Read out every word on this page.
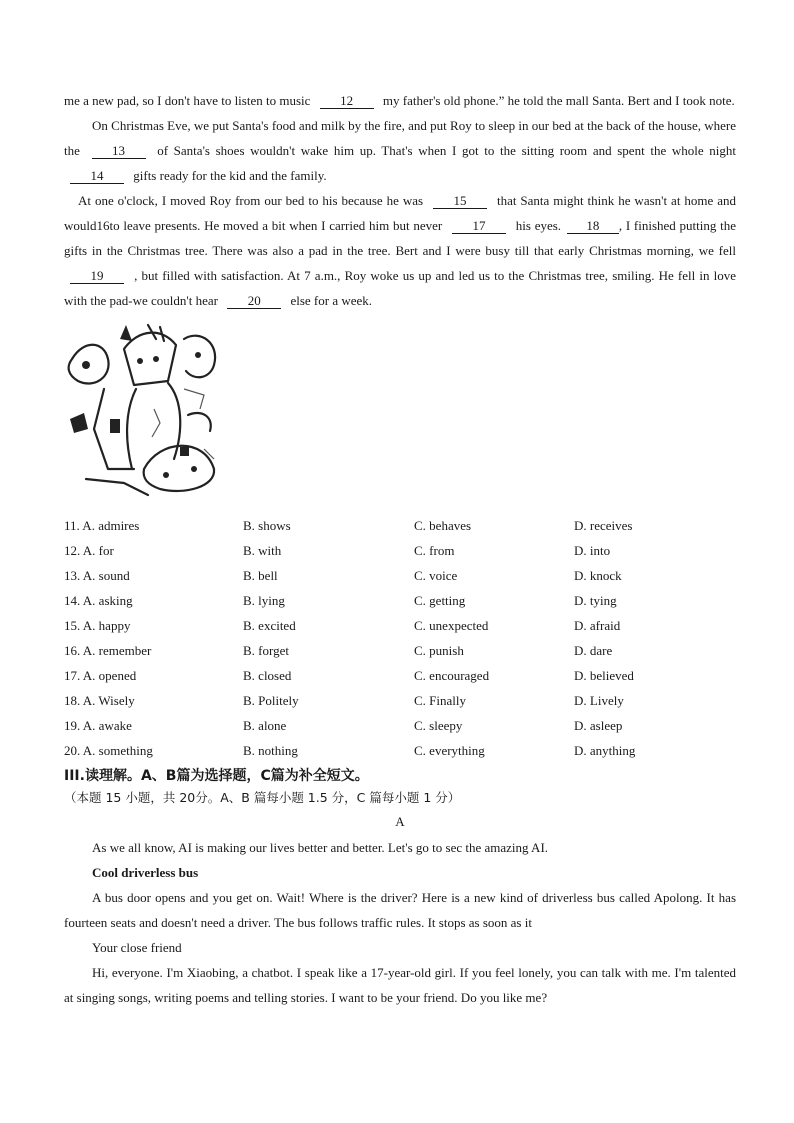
me a new pad, so I don't have to listen to music 12 my father's old phone.” he told the mall Santa. Bert and I took note.

On Christmas Eve, we put Santa's food and milk by the fire, and put Roy to sleep in our bed at the back of the house, where the 13 of Santa's shoes wouldn't wake him up. That's when I got to the sitting room and spent the whole night 14 gifts ready for the kid and the family.

At one o'clock, I moved Roy from our bed to his because he was 15 that Santa might think he wasn't at home and would16to leave presents. He moved a bit when I carried him but never 17 his eyes. 18 , I finished putting the gifts in the Christmas tree. There was also a pad in the tree. Bert and I were busy till that early Christmas morning, we fell 19 , but filled with satisfaction. At 7 a.m., Roy woke us up and led us to the Christmas tree, smiling. He fell in love with the pad-we couldn't hear 20 else for a week.

11. A. admires	B. shows	C. behaves	D. receives
12. A. for	B. with	C. from	D. into
13. A. sound	B. bell	C. voice	D. knock
14. A. asking	B. lying	C. getting	D. tying
15. A. happy	B. excited	C. unexpected	D. afraid
16. A. remember	B. forget	C. punish	D. dare
17. A. opened	B. closed	C. encouraged	D. believed
18. A. Wisely	B. Politely	C. Finally	D. Lively
19. A. awake	B. alone	C. sleepy	D. asleep
20. A. something	B. nothing	C. everything	D. anything
III.读理解。A、B篇为选择题，C篇为补全短文。
（本题 15 小题，共 20分。A、B 篇每小题 1.5 分，C 篇每小题 1 分）
A

As we all know, AI is making our lives better and better. Let's go to sec the amazing AI.

Cool driverless bus

A bus door opens and you get on. Wait! Where is the driver? Here is a new kind of driverless bus called Apolong. It has fourteen seats and doesn't need a driver. The bus follows traffic rules. It stops as soon as it

Your close friend

Hi, everyone. I'm Xiaobing, a chatbot. I speak like a 17-year-old girl. If you feel lonely, you can talk with me. I'm talented at singing songs, writing poems and telling stories. I want to be your friend. Do you like me?
